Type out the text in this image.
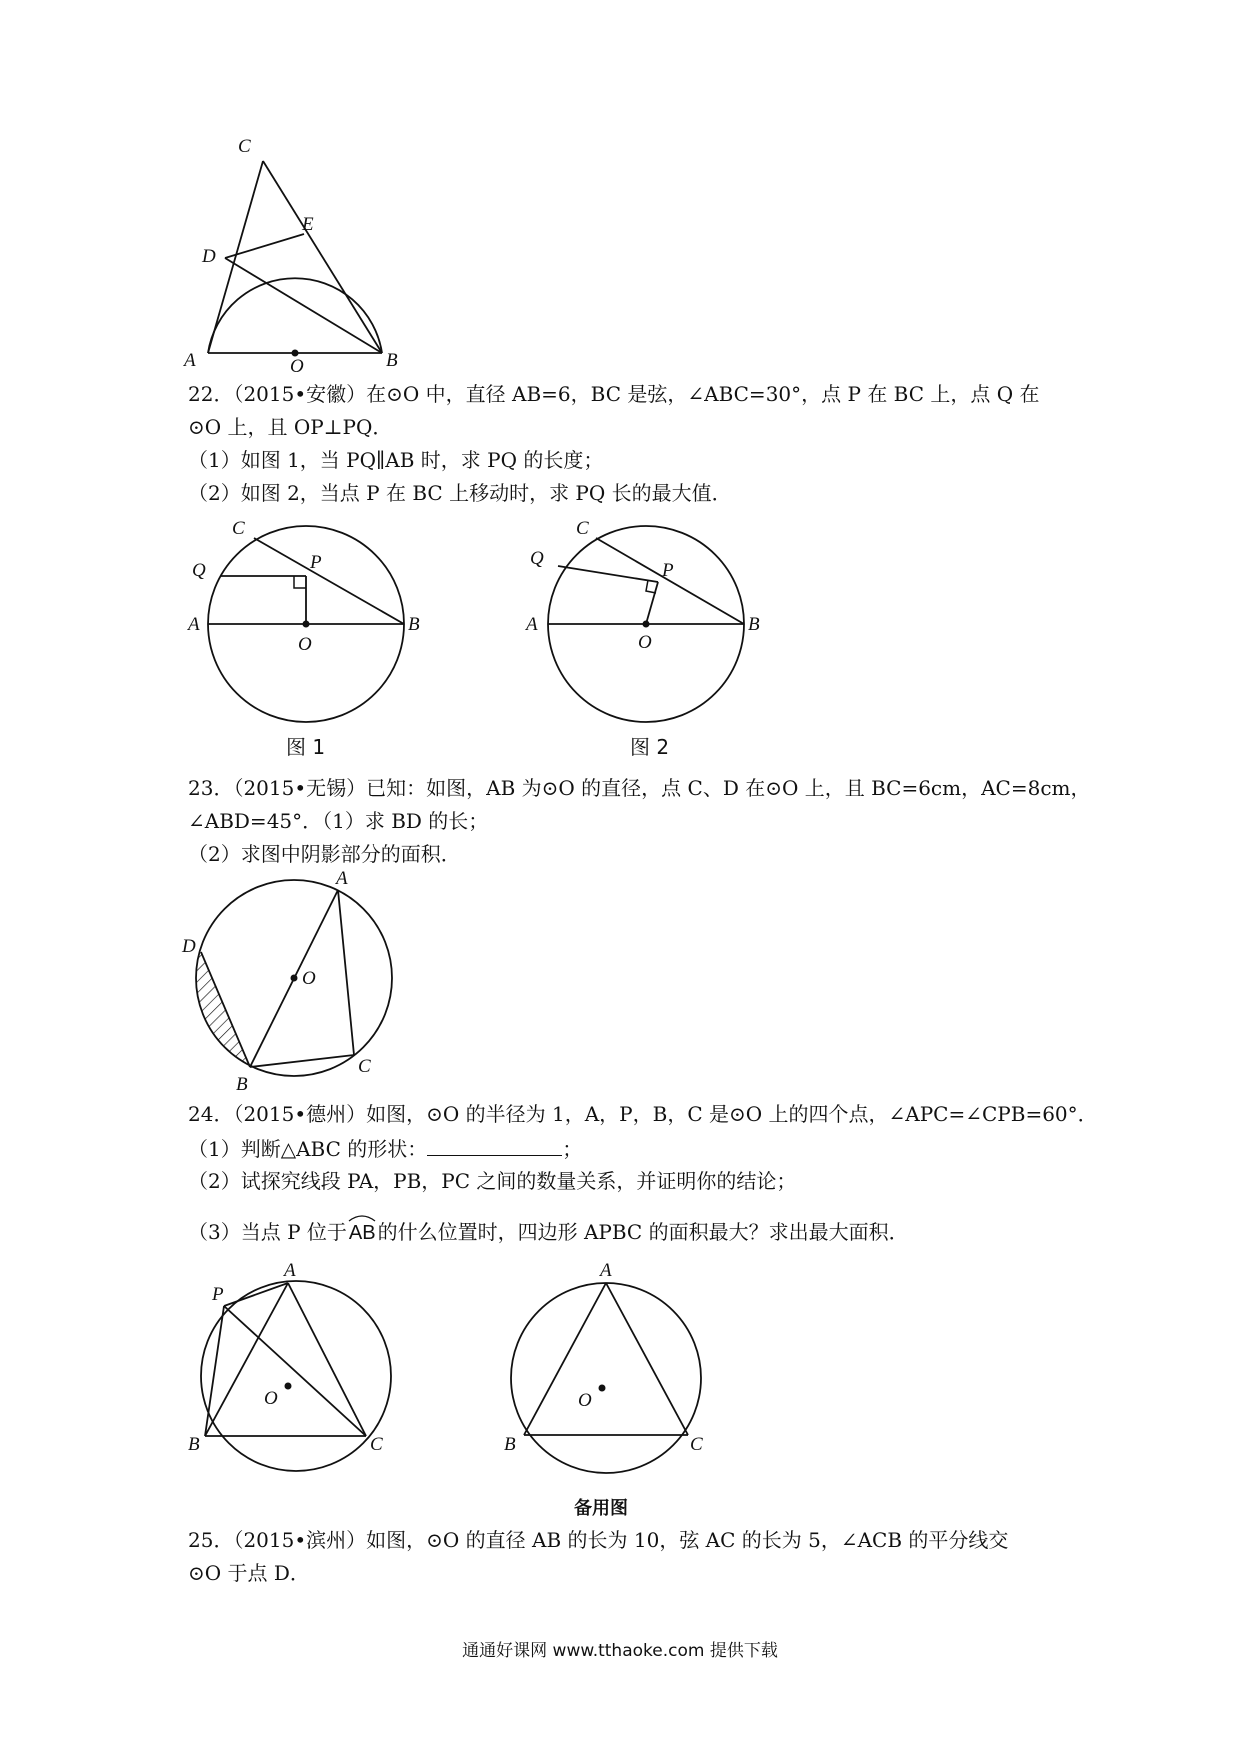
C
E
D
A	O	B
22．（2015•安徽）在⊙O 中，直径 AB=6，BC 是弦，∠ABC=30°，点 P 在 BC 上，点 Q 在
⊙O 上，且 OP⊥PQ．
（1）如图 1，当 PQ∥AB 时，求 PQ 的长度；
（2）如图 2，当点 P 在 BC 上移动时，求 PQ 长的最大值．
C
P
Q
A	B
O
图 1
C
P
Q
A	B
O
图 2
23．（2015•无锡）已知：如图，AB 为⊙O 的直径，点 C、D 在⊙O 上，且 BC=6cm，AC=8cm，
∠ABD=45°．（1）求 BD 的长；
（2）求图中阴影部分的面积．
A
D
O
C
B
24．（2015•德州）如图，⊙O 的半径为 1，A，P，B，C 是⊙O 上的四个点，∠APC=∠CPB=60°．
（1）判断△ABC 的形状：	；
（2）试探究线段 PA，PB，PC 之间的数量关系，并证明你的结论；
（3）当点 P 位于 AB 的什么位置时，四边形 APBC 的面积最大？求出最大面积．
A
P
O
B	C
A
O
B	C
备用图
25．（2015•滨州）如图，⊙O 的直径 AB 的长为 10，弦 AC 的长为 5，∠ACB 的平分线交
⊙O 于点 D．
通通好课网 www.tthaoke.com 提供下载
